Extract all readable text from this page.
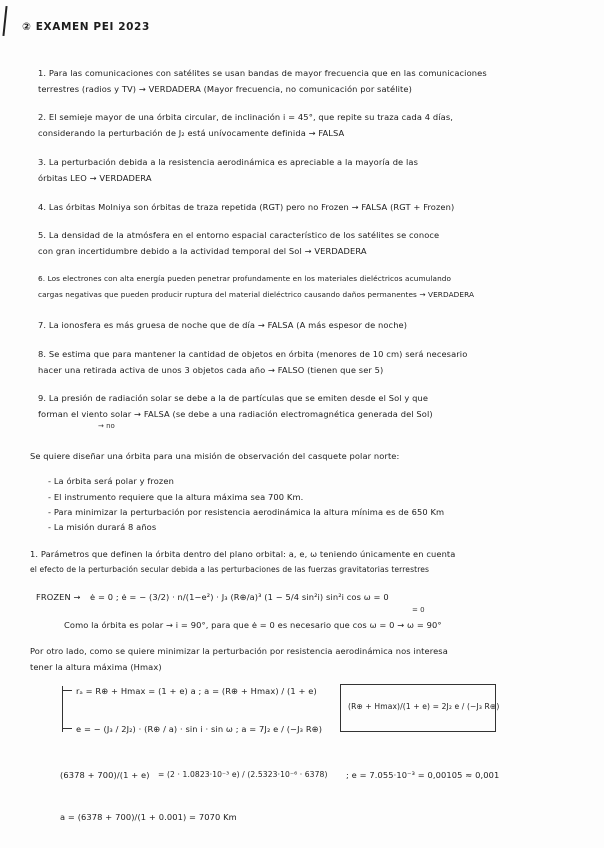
② EXAMEN PEI 2023
1. Para las comunicaciones con satélites se usan bandas de mayor frecuencia que en las comunicaciones
terrestres (radios y TV) → VERDADERA (Mayor frecuencia, no comunicación por satélite)
2. El semieje mayor de una órbita circular, de inclinación i = 45°, que repite su traza cada 4 días,
considerando la perturbación de J₂ está unívocamente definida → FALSA
3. La perturbación debida a la resistencia aerodinámica es apreciable a la mayoría de las
órbitas LEO → VERDADERA
4. Las órbitas Molniya son órbitas de traza repetida (RGT) pero no Frozen → FALSA (RGT + Frozen)
5. La densidad de la atmósfera en el entorno espacial característico de los satélites se conoce
con gran incertidumbre debido a la actividad temporal del Sol → VERDADERA
6. Los electrones con alta energía pueden penetrar profundamente en los materiales dieléctricos acumulando
cargas negativas que pueden producir ruptura del material dieléctrico causando daños permanentes → VERDADERA
7. La ionosfera es más gruesa de noche que de día → FALSA (A más espesor de noche)
8. Se estima que para mantener la cantidad de objetos en órbita (menores de 10 cm) será necesario
hacer una retirada activa de unos 3 objetos cada año → FALSO (tienen que ser 5)
9. La presión de radiación solar se debe a la de partículas que se emiten desde el Sol y que
forman el viento solar → FALSA (se debe a una radiación electromagnética generada del Sol)
→ no
Se quiere diseñar una órbita para una misión de observación del casquete polar norte:
- La órbita será polar y frozen
- El instrumento requiere que la altura máxima sea 700 Km.
- Para minimizar la perturbación por resistencia aerodinámica la altura mínima es de 650 Km
- La misión durará 8 años
1. Parámetros que definen la órbita dentro del plano orbital: a, e, ω teniendo únicamente en cuenta
el efecto de la perturbación secular debida a las perturbaciones de las fuerzas gravitatorias terrestres
FROZEN → ė = 0 ; ė = − (3/2) · n/(1−e²) · J₃ (R⊕/a)³ (1 − 5/4 sin²i) sin²i cos ω = 0
= 0
Como la órbita es polar → i = 90°, para que ė = 0 es necesario que cos ω = 0 → ω = 90°
Por otro lado, como se quiere minimizar la perturbación por resistencia aerodinámica nos interesa
tener la altura máxima (Hmax)
rₐ = R⊕ + Hmax = (1 + e) a ; a = (R⊕ + Hmax) / (1 + e)
e = − (J₃ / 2J₂) · (R⊕ / a) · sin i · sin ω ; a = 7J₂ e / (−J₃ R⊕)
(R⊕ + Hmax)/(1 + e) = 2J₂ e / (−J₃ R⊕)
(6378 + 700)/(1 + e) = (2 · 1.0823·10⁻³ e) / (2.5323·10⁻⁶ · 6378) ; e = 7.055·10⁻³ = 0,00105 ≈ 0,001
a = (6378 + 700)/(1 + 0.001) = 7070 Km
